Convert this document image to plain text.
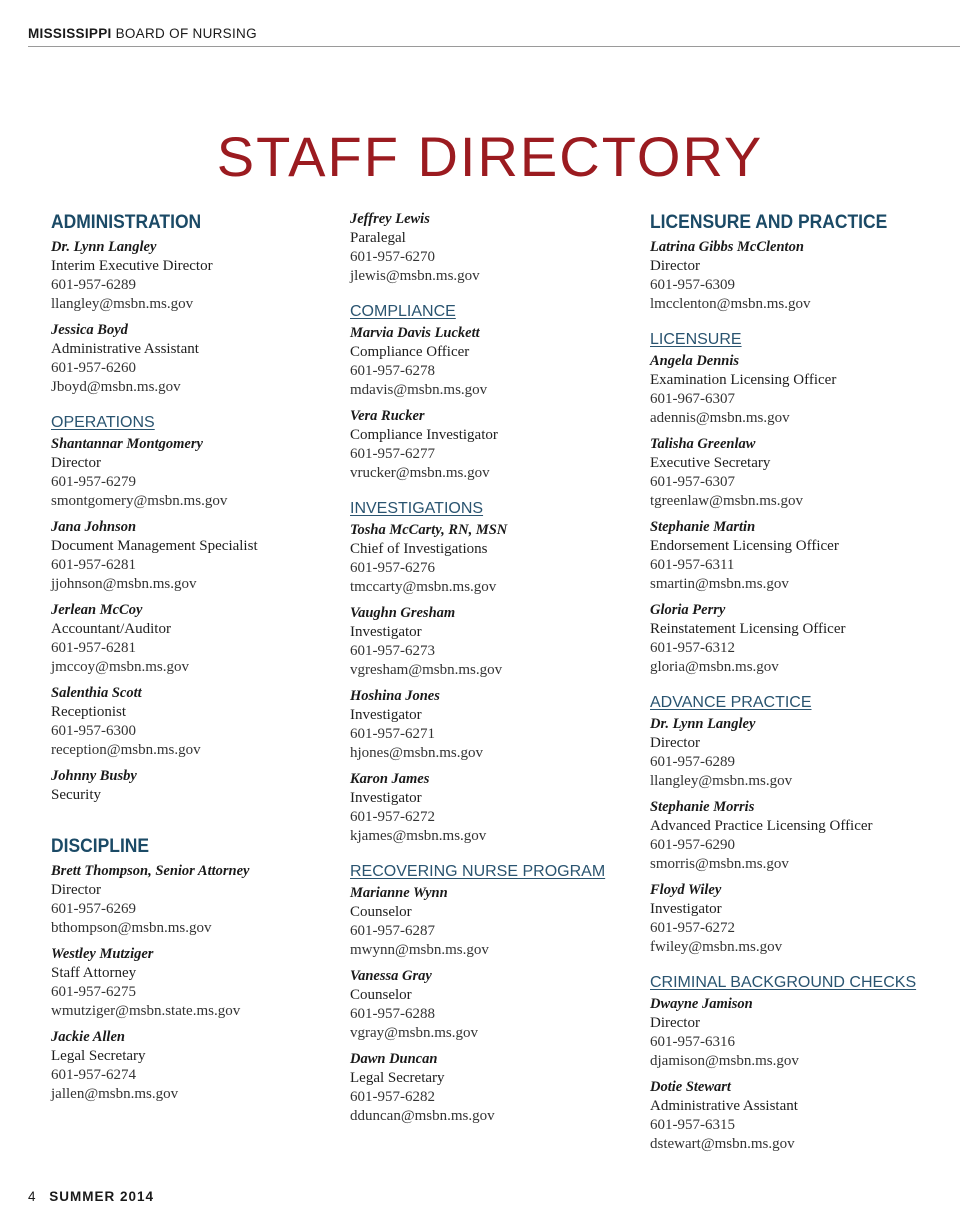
MISSISSIPPI BOARD OF NURSING
STAFF DIRECTORY
ADMINISTRATION
Dr. Lynn Langley
Interim Executive Director
601-957-6289
llangley@msbn.ms.gov
Jessica Boyd
Administrative Assistant
601-957-6260
Jboyd@msbn.ms.gov
OPERATIONS
Shantannar Montgomery
Director
601-957-6279
smontgomery@msbn.ms.gov
Jana Johnson
Document Management Specialist
601-957-6281
jjohnson@msbn.ms.gov
Jerlean McCoy
Accountant/Auditor
601-957-6281
jmccoy@msbn.ms.gov
Salenthia Scott
Receptionist
601-957-6300
reception@msbn.ms.gov
Johnny Busby
Security
DISCIPLINE
Brett Thompson, Senior Attorney
Director
601-957-6269
bthompson@msbn.ms.gov
Westley Mutziger
Staff Attorney
601-957-6275
wmutziger@msbn.state.ms.gov
Jackie Allen
Legal Secretary
601-957-6274
jallen@msbn.ms.gov
Jeffrey Lewis
Paralegal
601-957-6270
jlewis@msbn.ms.gov
COMPLIANCE
Marvia Davis Luckett
Compliance Officer
601-957-6278
mdavis@msbn.ms.gov
Vera Rucker
Compliance Investigator
601-957-6277
vrucker@msbn.ms.gov
INVESTIGATIONS
Tosha McCarty, RN, MSN
Chief of Investigations
601-957-6276
tmccarty@msbn.ms.gov
Vaughn Gresham
Investigator
601-957-6273
vgresham@msbn.ms.gov
Hoshina Jones
Investigator
601-957-6271
hjones@msbn.ms.gov
Karon James
Investigator
601-957-6272
kjames@msbn.ms.gov
RECOVERING NURSE PROGRAM
Marianne Wynn
Counselor
601-957-6287
mwynn@msbn.ms.gov
Vanessa Gray
Counselor
601-957-6288
vgray@msbn.ms.gov
Dawn Duncan
Legal Secretary
601-957-6282
dduncan@msbn.ms.gov
LICENSURE AND PRACTICE
Latrina Gibbs McClenton
Director
601-957-6309
lmcclenton@msbn.ms.gov
LICENSURE
Angela Dennis
Examination Licensing Officer
601-967-6307
adennis@msbn.ms.gov
Talisha Greenlaw
Executive Secretary
601-957-6307
tgreenlaw@msbn.ms.gov
Stephanie Martin
Endorsement Licensing Officer
601-957-6311
smartin@msbn.ms.gov
Gloria Perry
Reinstatement Licensing Officer
601-957-6312
gloria@msbn.ms.gov
ADVANCE PRACTICE
Dr. Lynn Langley
Director
601-957-6289
llangley@msbn.ms.gov
Stephanie Morris
Advanced Practice Licensing Officer
601-957-6290
smorris@msbn.ms.gov
Floyd Wiley
Investigator
601-957-6272
fwiley@msbn.ms.gov
CRIMINAL BACKGROUND CHECKS
Dwayne Jamison
Director
601-957-6316
djamison@msbn.ms.gov
Dotie Stewart
Administrative Assistant
601-957-6315
dstewart@msbn.ms.gov
4 SUMMER 2014
